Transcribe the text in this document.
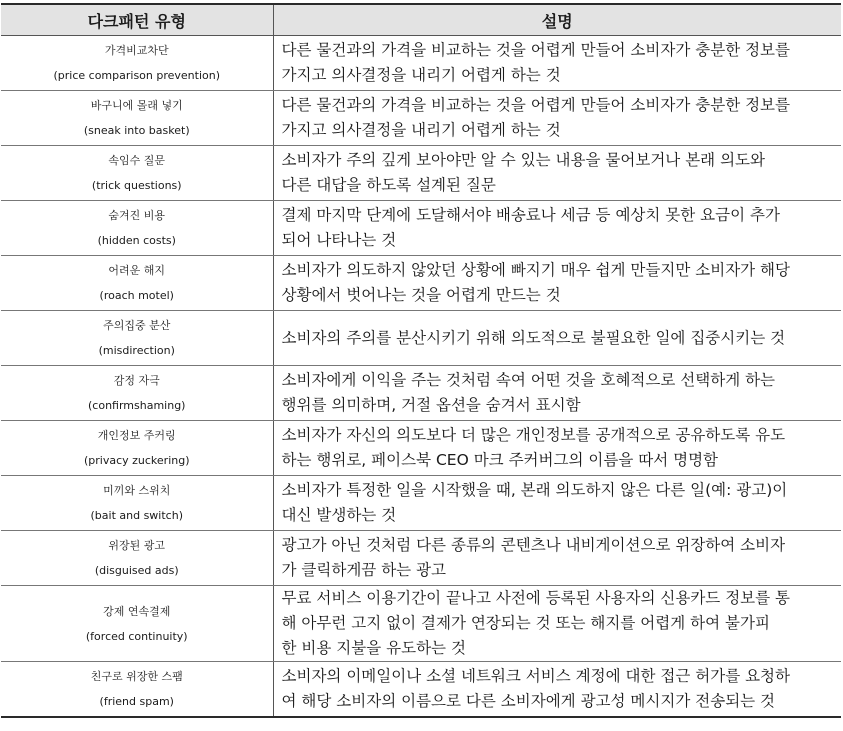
다크패턴 유형	설명

가격비교차단
(price comparison prevention)	다른 물건과의 가격을 비교하는 것을 어렵게 만들어 소비자가 충분한 정보를
가지고 의사결정을 내리기 어렵게 하는 것

바구니에 몰래 넣기
(sneak into basket)	다른 물건과의 가격을 비교하는 것을 어렵게 만들어 소비자가 충분한 정보를
가지고 의사결정을 내리기 어렵게 하는 것

속임수 질문
(trick questions)	소비자가 주의 깊게 보아야만 알 수 있는 내용을 물어보거나 본래 의도와
다른 대답을 하도록 설계된 질문

숨겨진 비용
(hidden costs)	결제 마지막 단계에 도달해서야 배송료나 세금 등 예상치 못한 요금이 추가
되어 나타나는 것

어려운 해지
(roach motel)	소비자가 의도하지 않았던 상황에 빠지기 매우 쉽게 만들지만 소비자가 해당
상황에서 벗어나는 것을 어렵게 만드는 것

주의집중 분산
(misdirection)	소비자의 주의를 분산시키기 위해 의도적으로 불필요한 일에 집중시키는 것

감정 자극
(confirmshaming)	소비자에게 이익을 주는 것처럼 속여 어떤 것을 호혜적으로 선택하게 하는
행위를 의미하며, 거절 옵션을 숨겨서 표시함

개인정보 주커링
(privacy zuckering)	소비자가 자신의 의도보다 더 많은 개인정보를 공개적으로 공유하도록 유도
하는 행위로, 페이스북 CEO 마크 주커버그의 이름을 따서 명명함

미끼와 스위치
(bait and switch)	소비자가 특정한 일을 시작했을 때, 본래 의도하지 않은 다른 일(예: 광고)이
대신 발생하는 것

위장된 광고
(disguised ads)	광고가 아닌 것처럼 다른 종류의 콘텐츠나 내비게이션으로 위장하여 소비자
가 클릭하게끔 하는 광고

강제 연속결제
(forced continuity)	무료 서비스 이용기간이 끝나고 사전에 등록된 사용자의 신용카드 정보를 통
해 아무런 고지 없이 결제가 연장되는 것 또는 해지를 어렵게 하여 불가피
한 비용 지불을 유도하는 것

친구로 위장한 스팸
(friend spam)	소비자의 이메일이나 소셜 네트워크 서비스 계정에 대한 접근 허가를 요청하
여 해당 소비자의 이름으로 다른 소비자에게 광고성 메시지가 전송되는 것
